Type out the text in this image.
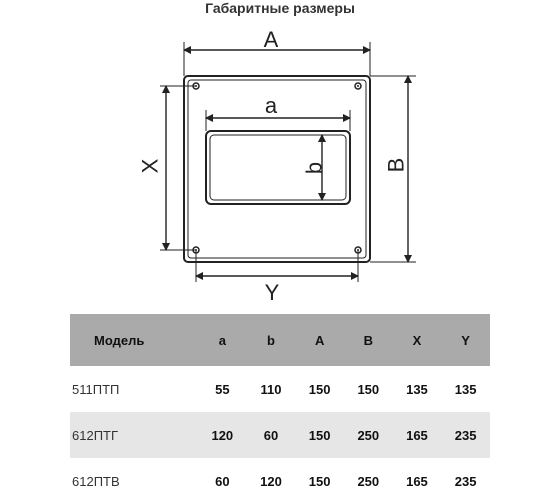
Габаритные размеры
A
a
b
X	B
Y
Модель	a	b	A	B	X	Y
511ПТП	55	110	150	150	135	135
612ПТГ	120	60	150	250	165	235
612ПТВ	60	120	150	250	165	235
